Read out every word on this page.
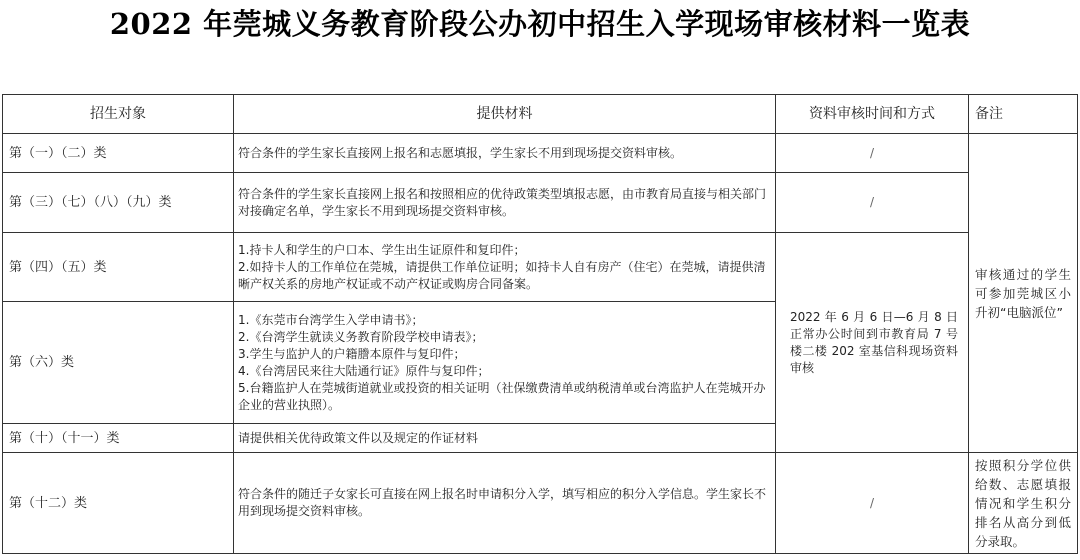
2022 年莞城义务教育阶段公办初中招生入学现场审核材料一览表
招生对象	提供材料	资料审核时间和方式	备注
第（一）（二）类	符合条件的学生家长直接网上报名和志愿填报，学生家长不用到现场提交资料审核。	/	审核通过的学生可参加莞城区小升初“电脑派位”
第（三）（七）（八）（九）类	符合条件的学生家长直接网上报名和按照相应的优待政策类型填报志愿，由市教育局直接与相关部门对接确定名单，学生家长不用到现场提交资料审核。	/	
第（四）（五）类	1.持卡人和学生的户口本、学生出生证原件和复印件；
2.如持卡人的工作单位在莞城，请提供工作单位证明；如持卡人自有房产（住宅）在莞城，请提供清晰产权关系的房地产权证或不动产权证或购房合同备案。	2022 年 6 月 6 日—6 月 8 日正常办公时间到市教育局 7 号楼二楼 202 室基信科现场资料审核	
第（六）类	1.《东莞市台湾学生入学申请书》；
2.《台湾学生就读义务教育阶段学校申请表》；
3.学生与监护人的户籍謄本原件与复印件；
4.《台湾居民来往大陆通行证》原件与复印件；
5.台籍监护人在莞城街道就业或投资的相关证明（社保缴费清单或纳税清单或台湾监护人在莞城开办企业的营业执照）。		

第（十）（十一）类	请提供相关优待政策文件以及规定的作证材料		

第（十二）类	符合条件的随迁子女家长可直接在网上报名时申请积分入学，填写相应的积分入学信息。学生家长不用到现场提交资料审核。	/	按照积分学位供给数、志愿填报情况和学生积分排名从高分到低分录取。
